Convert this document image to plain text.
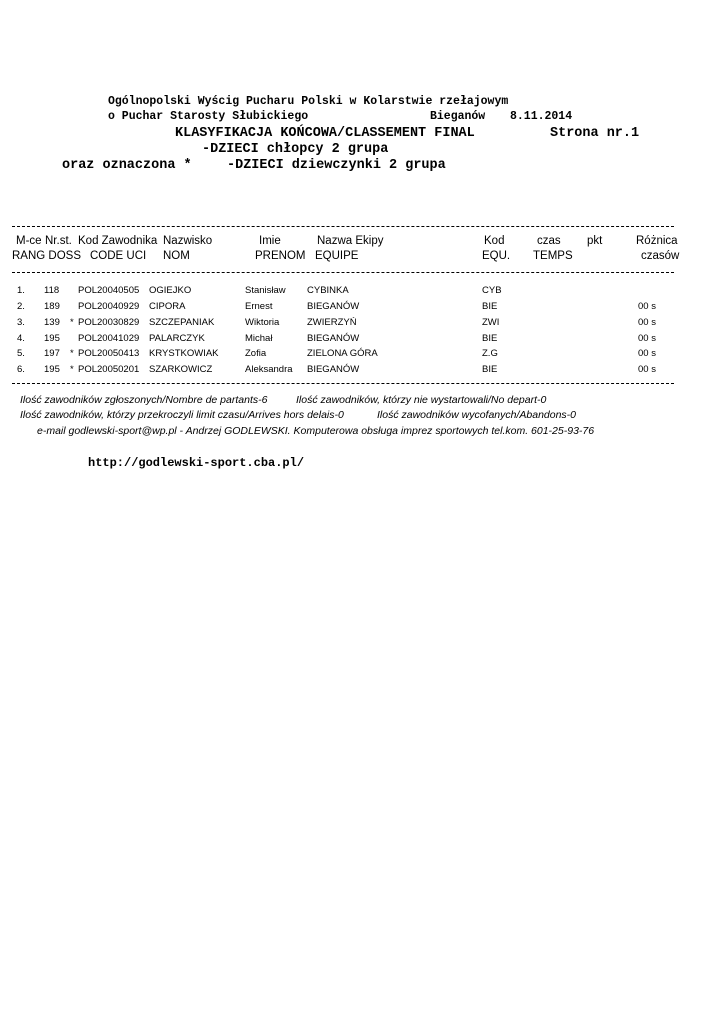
Ogólnopolski Wyścig Pucharu Polski w Kolarstwie rzełajowym
o Puchar Starosty Słubickiego	Bieganów 8.11.2014
KLASYFIKACJA KOŃCOWA/CLASSEMENT FINAL	Strona nr.1
-DZIECI chłopcy 2 grupa
oraz oznaczona *	-DZIECI dziewczynki 2 grupa
M-ce Nr.st. Kod Zawodnika Nazwisko	Imie	Nazwa Ekipy	Kod	czas pkt	Różnica
RANG DOSS CODE UCI NOM	PRENOM EQUIPE	EQU. TEMPS	czasów
1. 118 POL20040505 OGIEJKO	Stanisław CYBINKA	CYB
2. 189 POL20040929 CIPORA	Ernest	BIEGANÓW	BIE	00 s
3. 139 * POL20030829 SZCZEPANIAK	Wiktoria	ZWIERZYŃ	ZWI	00 s
4. 195 POL20041029 PALARCZYK	Michał	BIEGANÓW	BIE	00 s
5. 197 * POL20050413 KRYSTKOWIAK	Zofia	ZIELONA GÓRA	Z.G	00 s
6. 195 * POL20050201 SZARKOWICZ	Aleksandra BIEGANÓW	BIE	00 s
Ilość zawodników zgłoszonych/Nombre de partants-6	Ilość zawodników, którzy nie wystartowali/No depart-0
Ilość zawodników, którzy przekroczyli limit czasu/Arrives hors delais-0	Ilość zawodników wycofanych/Abandons-0
e-mail godlewski-sport@wp.pl - Andrzej GODLEWSKI. Komputerowa obsługa imprez sportowych tel.kom. 601-25-93-76
http://godlewski-sport.cba.pl/
